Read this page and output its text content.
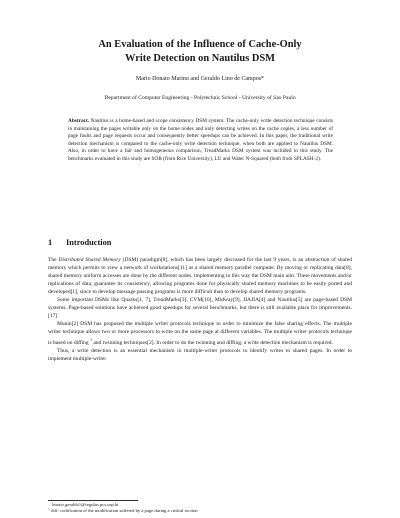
An Evaluation of the Influence of Cache-Only
Write Detection on Nautilus DSM
Mario Donato Marino and Geraldo Lino de Campos*
Department of Computer Engineering - Polytechnic School - University of Sao Paulo
Abstract. Nautilus is a home-based and scope consistency DSM system. The cache-only write detection technique consists in maintaining the pages writable only on the home nodes and only detecting writes on the cache copies, a less number of page faults and page requests occur and consequently better speedups can be achieved. In this paper, the traditional write detection mechanism is compared to the cache-only write detection technique, when both are applied to Nautilus DSM. Also, in order to have a fair and homogeneous comparison, TreadMarks DSM system was included in this study. The benchmarks evaluated in this study are SOR (from Rice University), LU and Water N-Squared (both from SPLASH-2).
1 Introduction

The Distributed Shared Memory (DSM) paradigm[8], which has been largely discussed for the last 9 years, is an abstraction of shared memory which permits to view a network of workstations[11] as a shared memory parallel computer. By moving or replicating data[8], shared memory uniform accesses are done by the different nodes, implementing in this way the DSM main aim. These movements and/or replications of data, guarantee its consistency, allowing programs done for physically shared memory machines to be easily ported and developed[1], since to develop message passing programs is more difficult than to develop shared memory programs.

Some important DSMs like Quarks[1, 7], TreadMarks[3], CVM[10], Midway[9], JIAJIA[4] and Nautilus[5] are page-based DSM systems. Page-based solutions have achieved good speedups for several benchmarks, but there is still available place for improvements.[17]

Munin[2] DSM has proposed the multiple writer protocols technique in order to minimize the false sharing effects. The multiple writer technique allows two or more processors to write on the same page at different variables. The multiple writer protocols technique is based on diffing $^1$ and twinning techniques[2]. In order to do the twinning and diffing, a write detection mechanism is required.

Thus, a write detection is an essential mechanism in multiple-writer protocols to identify writes to shared pages. In order to implement multiple-writer

* {mario,geraldo}@regulus.pcs.usp.br
$^1$ diff: codification of the modification suffered by a page during a critical section
